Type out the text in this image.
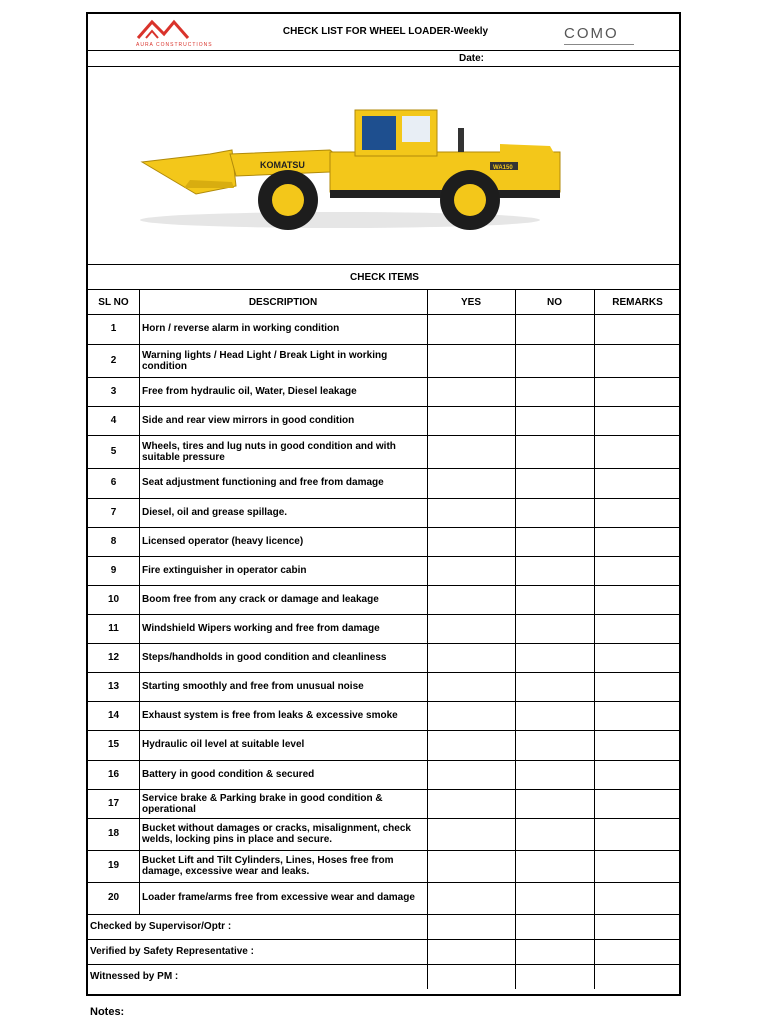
AURA CONSTRUCTIONS
CHECK LIST FOR WHEEL LOADER-Weekly	COMO
Date:
KOMATSU	WA150
CHECK ITEMS
SL NO	DESCRIPTION	YES	NO	REMARKS
1	Horn / reverse alarm in working condition
2	Warning lights / Head Light / Break Light in working condition
3	Free from hydraulic oil, Water, Diesel leakage
4	Side and rear view mirrors in good condition
5	Wheels, tires and lug nuts in good condition and with suitable pressure
6	Seat adjustment functioning and free from damage
7	Diesel, oil and grease spillage.
8	Licensed operator (heavy licence)
9	Fire extinguisher in operator cabin
10	Boom free from any crack or damage and leakage
11	Windshield Wipers working and free from damage
12	Steps/handholds in good condition and cleanliness
13	Starting smoothly and free from unusual noise
14	Exhaust system is free from leaks & excessive smoke
15	Hydraulic oil level at suitable level
16	Battery in good condition & secured
17	Service brake & Parking brake in good condition & operational
18	Bucket without damages or cracks, misalignment, check welds, locking pins in place and secure.
19	Bucket Lift and Tilt Cylinders, Lines, Hoses free from damage, excessive wear and leaks.
20	Loader frame/arms free from excessive wear and damage
Checked by Supervisor/Optr :
Verified by Safety Representative :
Witnessed by PM :
Notes:
